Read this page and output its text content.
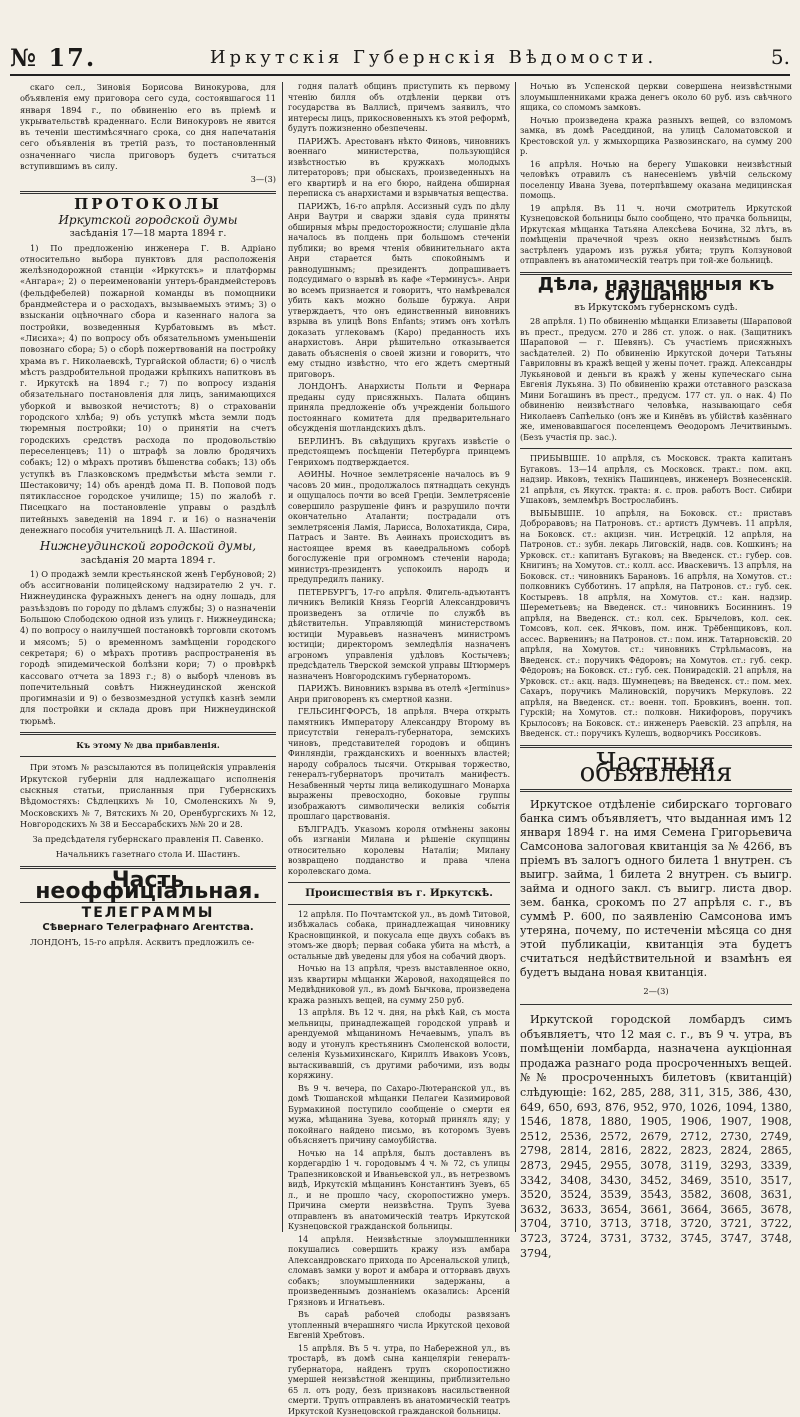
№ 17.	Иркутскія Губернскія Вѣдомости.	5.

скаго сел., Зиновія Борисова Винокурова, для объявленія ему приговора сего суда, состоявшагося 11 января 1894 г., по обвиненію его въ пріемѣ и укрывательствѣ краденнаго. Если Винокуровъ не явится въ теченіи шестимѣсячнаго срока, со дня напечатанія сего объявленія въ третій разъ, то постановленный означеннаго числа приговоръ будетъ считаться вступившимъ въ силу.

3—(3)
ПРОТОКОЛЫ
Иркутской городской думы
засѣданія 17—18 марта 1894 г.

1) По предложенію инженера Г. В. Адріано относительно выбора пунктовъ для расположенія желѣзнодорожной станціи «Иркутскъ» и платформы «Ангара»; 2) о переименованіи унтеръ-брандмейстеровъ (фельдфебелей) пожарной команды въ помощники брандмейстера и о расходахъ, вызываемыхъ этимъ; 3) о взысканіи оцѣночнаго сбора и казеннаго налога за постройки, возведенныя Курбатовымъ въ мѣст. «Лисиха»; 4) по вопросу объ обязательномъ уменьшеніи повознаго сбора; 5) о сборѣ пожертвованій на постройку храма въ г. Николаевскѣ, Тургайской области; 6) о числѣ мѣстъ раздробительной продажи крѣпкихъ напитковъ въ г. Иркутскѣ на 1894 г.; 7) по вопросу изданія обязательнаго постановленія для лицъ, занимающихся уборкой и вывозкой нечистотъ; 8) о страхованіи городского хлѣба; 9) объ уступкѣ мѣста земли подъ тюремныя постройки; 10) о принятіи на счетъ городскихъ средствъ расхода по продовольствію переселенцевъ; 11) о штрафѣ за ловлю бродячихъ собакъ; 12) о мѣрахъ противъ бѣшенства собакъ; 13) объ уступкѣ въ Глазковскомъ предмѣстьи мѣста земли г. Шестаковичу; 14) объ арендѣ дома П. В. Поповой подъ пятиклассное городское училище; 15) по жалобѣ г. Писецкаго на постановленіе управы о раздѣлѣ питейныхъ заведеній на 1894 г. и 16) о назначеніи денежнаго пособія учительницѣ Л. А. Шастиной.

Нижнеудинской городской думы,
засѣданія 20 марта 1894 г.

1) О продажѣ земли крестьянской женѣ Гербуновой; 2) объ ассигнованіи полицейскому надзирателю 2 уч. г. Нижнеудинска фуражныхъ денегъ на одну лошадь, для разъѣздовъ по городу по дѣламъ службы; 3) о назначеніи Большою Слободскою одной изъ улицъ г. Нижнеудинска; 4) по вопросу о наилучшей постановкѣ торговли скотомъ и мясомъ; 5) о временномъ замѣщеніи городского секретаря; 6) о мѣрахъ противъ распространенія въ городѣ эпидемической болѣзни кори; 7) о провѣркѣ кассоваго отчета за 1893 г.; 8) о выборѣ членовъ въ попечительный совѣтъ Нижнеудинской женской прогимназіи и 9) о безвозмездной уступкѣ казнѣ земли для постройки и склада дровъ при Нижнеудинской тюрьмѣ.

Къ этому № два прибавленія.

При этомъ № разсылаются въ полицейскія управленія Иркутской губерніи для надлежащаго исполненія сыскныя статьи, присланныя при Губернскихъ Вѣдомостяхъ: Сѣдлецкихъ № 10, Смоленскихъ № 9, Московскихъ № 7, Вятскихъ № 20, Оренбургскихъ № 12, Новгородскихъ № 38 и Бессарабскихъ №№ 20 и 28.

За предсѣдателя губернскаго правленія П. Савенко.
Начальникъ газетнаго стола И. Шастинъ.
Часть неоффиціальная.
ТЕЛЕГРАММЫ
Сѣвернаго Телеграфнаго Агентства.

ЛОНДОНЪ, 15-го апрѣля. Асквитъ предложилъ се-

годня палатѣ общинъ приступить къ первому чтенію билля объ отдѣленіи церкви отъ государства въ Валлисѣ, причемъ заявилъ, что интересы лицъ, прикосновенныхъ къ этой реформѣ, будутъ пожизненно обезпечены.

ПАРИЖЪ. Арестованъ нѣкто Финовъ, чиновникъ военнаго министерства, пользующійся извѣстностью въ кружкахъ молодыхъ литераторовъ; при обыскахъ, произведенныхъ на его квартирѣ и на его бюро, найдена обширная переписка съ анархистами и взрывчатыя вещества.

ПАРИЖЪ, 16-го апрѣля. Ассизный судъ по дѣлу Анри Ваутри и сваржи здавія суда приняты обширныя мѣры предосторожности; слушаніе дѣла началось въ полдень при большомъ стеченіи публики; во время чтенія обвинительнаго акта Анри старается быть спокойнымъ и равнодушнымъ; президентъ допрашиваетъ подсудимаго о взрывѣ въ кафе «Терминусъ». Анри во всемъ признается и говоритъ, что намѣревался убить какъ можно больше буржуа. Анри утверждаетъ, что онъ единственный виновникъ взрыва въ улицѣ Bons Enfants; этимъ онъ хотѣлъ доказать углековамъ (Каро) преданность ихъ анархистовъ. Анри рѣшительно отказывается давать объясненія о своей жизни и говоритъ, что ему стыдно извѣстно, что его ждетъ смертный приговоръ.

ЛОНДОНЪ. Анархисты Польти и Фернара преданы суду присяжныхъ. Палата общинъ приняла предложеніе объ учрежденіи большого постояннаго комитета для предварительнаго обсужденія шотландскихъ дѣлъ.

БЕРЛИНЪ. Въ свѣдущихъ кругахъ извѣстіе о предстоящемъ посѣщеніи Петербурга принцемъ Генрихомъ подтверждается.

АѲИНЫ. Ночное землетрясеніе началось въ 9 часовъ 20 мин., продолжалось пятнадцать секундъ и ощущалось почти во всей Греціи. Землетрясеніе совершило разрушеніе финъ и разрушило почти окончательно Аталанти; пострадали отъ землетрясенія Ламія, Ларисса, Волохатикда, Сира, Патрасъ и Занте. Въ Аѳинахъ происходитъ въ настоящее время въ каѳедральномъ соборѣ богослуженіе при огромномъ стеченіи народа; министръ-президентъ успокоилъ народъ и предупредилъ панику.

ПЕТЕРБУРГЪ, 17-го апрѣля. Флигель-адъютантъ личникъ Великій Князь Георгій Александровичъ произведенъ за отличіе по службѣ въ дѣйствительн. Управляющій министерствомъ юстиціи Муравьевъ назначенъ министромъ юстиціи; директоромъ земледѣлія назначенъ агрономъ управленія удѣловъ Костычевъ; предсѣдатель Тверской земской управы Штюрмеръ назначенъ Новгородскимъ губернаторомъ.

ПАРИЖЪ. Виновникъ взрыва въ отелѣ «Jerminus» Анри приговоренъ къ смертной казни.

ГЕЛЬСИНГФОРСЪ, 18 апрѣля. Вчера открыть памятникъ Императору Александру Второму въ присутствіи генералъ-губернатора, земскихъ чиновъ, представителей городовъ и общинъ Финляндіи, гражданскихъ и военныхъ властей; народу собралось тысячи. Открывая торжество, генералъ-губернаторъ прочиталъ манифестъ. Незабвенный черты лица великодушнаго Монарха выражены превосходно, боковые группы изображаютъ символически великія событія прошлаго царствованія.

БѢЛГРАДЪ. Указомъ короля отмѣнены законы объ изгнаніи Милана и рѣшеніе скупщины относительно королевы Наталіи; Милану возвращено подданство и права члена королевскаго дома.

Происшествія въ г. Иркутскѣ.

12 апрѣля. По Почтамтской ул., въ домѣ Титовой, избѣжалась собака, принадлежащая чиновнику Красновщинкой, и покусала еще двухъ собакъ въ этомъ-же дворѣ; первая собака убита на мѣстѣ, а остальные двѣ уведены для убоя на собачий дворъ.

Ночью на 13 апрѣля, чрезъ выставленное окно, изъ квартиры мѣщанки Жаровой, находящейся по Медвѣдниковой ул., въ домѣ Бычкова, произведена кража разныхъ вещей, на сумму 250 руб.

13 апрѣля. Въ 12 ч. дня, на рѣкѣ Кай, съ моста мельницы, принадлежащей городской управѣ и арендуемой мѣщаниномъ Нечаевымъ, упалъ въ воду и утонулъ крестьянинъ Смоленской волости, селенія Кузьмихинскаго, Кириллъ Иваковъ Усовъ, вытаскивавшій, съ другими рабочими, изъ воды коряжину.

Въ 9 ч. вечера, по Сахаро-Лютеранской ул., въ домѣ Тюшанской мѣщанки Пелагеи Казимировой Бурмакиной поступило сообщеніе о смерти ея мужа, мѣщанина Зуева, который принялъ яду; у покойнаго найдено письмо, въ которомъ Зуевъ объясняетъ причину самоубійства.

Ночью на 14 апрѣля, былъ доставленъ въ кордегардію 1 ч. городовымъ 4 ч. № 72, съ улицы Трапезниковской и Иваньевской ул., въ нетрезвомъ видѣ, Иркутскій мѣщанинъ Константинъ Зуевъ, 65 л., и не прошло часу, скоропостижно умеръ. Причина смерти неизвѣстна. Трупъ Зуева отправленъ въ анатомическій театръ Иркутской Кузнецовской гражданской больницы.

14 апрѣля. Неизвѣстные злоумышленники покушались совершить кражу изъ амбара Александровскаго прихода по Арсенальской улицѣ, сломавъ замки у ворот и амбара и отторвавъ двухъ собакъ; злоумышленники задержаны, а произведеннымъ дознаніемъ оказались: Арсеній Грязновъ и Игнатьевъ.

Въ сараѣ рабочей слободы развязанъ утопленный вчерашняго числа Иркутской цеховой Евгеній Хребтовъ.

15 апрѣля. Въ 5 ч. утра, по Набережной ул., въ тростарѣ, въ домѣ сына канцеляріи генералъ-губернатора, найденъ трупъ скоропостижно умершей неизвѣстной женщины, приблизительно 65 л. отъ роду, безъ признаковъ насильственной смерти. Трупъ отправленъ въ анатомическій театръ Иркутской Кузнецовской гражданской больницы.

Ночью въ Успенской церкви совершена неизвѣстными злоумышленниками кража денегъ около 60 руб. изъ свѣчного ящика, со сломомъ замковъ.

Ночью произведена кража разныхъ вещей, со взломомъ замка, въ домѣ Раседдиной, на улицѣ Саломатовской и Крестовской ул. у жмыхорщика Развозинскаго, на сумму 200 р.

16 апрѣля. Ночью на берегу Ушаковки неизвѣстный человѣкъ отравилъ съ нанесеніемъ увѣчій сельскому поселенцу Ивана Зуева, потерпѣвшему оказана медицинская помощь.

19 апрѣля. Въ 11 ч. ночи смотритель Иркутской Кузнецовской больницы было сообщено, что прачка больницы, Иркутская мѣщанка Татьяна Алексѣева Бочина, 32 лѣтъ, въ помѣщеніи прачечной чрезъ окно неизвѣстнымъ былъ застрѣленъ ударомъ изъ ружья убита; трупъ Колзуновой отправленъ въ анатомическій театръ при той-же больницѣ.

Дѣла, назначенныя къ слушанію
въ Иркутскомъ губернскомъ судѣ.

28 апрѣля. 1) По обвиненію мѣщанки Елизаветы (Шараповой въ прест., предусм. 270 и 286 ст. улож. о нак. (Защитникъ Шараповой — г. Шевянъ). Съ участіемъ присяжныхъ засѣдателей. 2) По обвиненію Иркутской дочери Татьяны Гавриловны въ кражѣ вещей у жены почет. гражд. Александры Лукьяновой и деньги въ кражѣ у жены купеческаго сына Евгенія Лукьяна. 3) По обвиненію кражи отставного разсказа Мини Богашинъ въ прест., предусм. 177 ст. ул. о нак. 4) По обвиненію неизвѣстнаго человѣка, называющаго себя Николаевъ Сапѣелько (онъ же и Кинёвъ въ убійствѣ казённаго же, именовавшагося поселенцемъ Ѳеодоромъ Лечитвинымъ. (Безъ участія пр. зас.).

ПРИБЫВШІЕ. 10 апрѣля, съ Московск. тракта капитанъ Бугаковъ. 13—14 апрѣля, съ Московск. тракт.: пом. акц. надзир. Ивковъ, технікъ Пашинцевъ, инженеръ Вознесенскій. 21 апрѣля, съ Якутск. тракта: я. с. пров. работъ Вост. Сибири Ушаковъ, землемѣръ Вострослабинъ.

ВЫБЫВШІЕ. 10 апрѣля, на Боковск. ст.: приставъ Доброравовъ; на Патроновъ. ст.: артистъ Думчевъ. 11 апрѣля, на Боковск. ст.: акцизн. чин. Истрецкій. 12 апрѣля, на Патронов. ст.: зубн. лекарь Лиговскій, надв. сов. Кошкинъ; на Урковск. ст.: капитанъ Бугаковъ; на Введенск. ст.: губер. сов. Книгинъ; на Хомутов. ст.: колл. асс. Иваскевичъ. 13 апрѣля, на Боковск. ст.: чиновникъ Барановъ. 16 апрѣля, на Хомутов. ст.: полковникъ Субботинъ. 17 апрѣля, на Патронов. ст.: губ. сек. Костыревъ. 18 апрѣля, на Хомутов. ст.: кан. надзир. Шереметьевъ; на Введенск. ст.: чиновникъ Босиннинъ. 19 апрѣля, на Введенск. ст.: кол. сек. Брычеловъ, кол. сек. Томсовъ, кол. сек. Ячковъ, пом. инж. Трёбенщиковъ, кол. ассес. Варвенинъ; на Патронов. ст.: пом. инж. Татарновскій. 20 апрѣля, на Хомутов. ст.: чиновникъ Стрѣльмасовъ, на Введенск. ст.: поручикъ Фёдоровъ; на Хомутов. ст.: губ. секр. Фёдоровъ; на Боковск. ст.: губ. сек. Понирадскій. 21 апрѣля, на Урковск. ст.: акц. надз. Шумнецевъ; на Введенск. ст.: пом. мех. Сахаръ, поручикъ Малиновскій, поручикъ Меркуловъ. 22 апрѣля, на Введенск. ст.: военн. топ. Бровкинъ, военн. топ. Гурскій; на Хомутов. ст.: полковн. Никифоровъ, поручикъ Крылосовъ; на Боковск. ст.: инженеръ Раевскій. 23 апрѣля, на Введенск. ст.: поручикъ Кулешъ, водворчикъ Россиковъ.

Частныя объявленія

Иркутское отдѣленіе сибирскаго торговаго банка симъ объявляетъ, что выданная имъ 12 января 1894 г. на имя Семена Григорьевича Самсонова залоговая квитанція за № 4266, въ пріемъ въ залогъ одного билета 1 внутрен. съ выигр. займа, 1 билета 2 внутрен. съ выигр. займа и одного закл. съ выигр. листа двор. зем. банка, срокомъ по 27 апрѣля с. г., въ суммѣ Р. 600, по заявленію Самсонова имъ утеряна, почему, по истеченіи мѣсяца со дня этой публикаціи, квитанція эта будетъ считаться недѣйствительной и взамѣнъ ея будетъ выдана новая квитанція.

2—(3)

Иркутской городской ломбардъ симъ объявляетъ, что 12 мая с. г., въ 9 ч. утра, въ помѣщеніи ломбарда, назначена аукціонная продажа разнаго рода просроченныхъ вещей. №№ просроченныхъ билетовъ (квитанцій) слѣдующіе: 162, 285, 288, 311, 315, 386, 430, 649, 650, 693, 876, 952, 970, 1026, 1094, 1380, 1546, 1878, 1880, 1905, 1906, 1907, 1908, 2512, 2536, 2572, 2679, 2712, 2730, 2749, 2798, 2814, 2816, 2822, 2823, 2824, 2865, 2873, 2945, 2955, 3078, 3119, 3293, 3339, 3342, 3408, 3430, 3452, 3469, 3510, 3517, 3520, 3524, 3539, 3543, 3582, 3608, 3631, 3632, 3633, 3654, 3661, 3664, 3665, 3678, 3704, 3710, 3713, 3718, 3720, 3721, 3722, 3723, 3724, 3731, 3732, 3745, 3747, 3748, 3794,
